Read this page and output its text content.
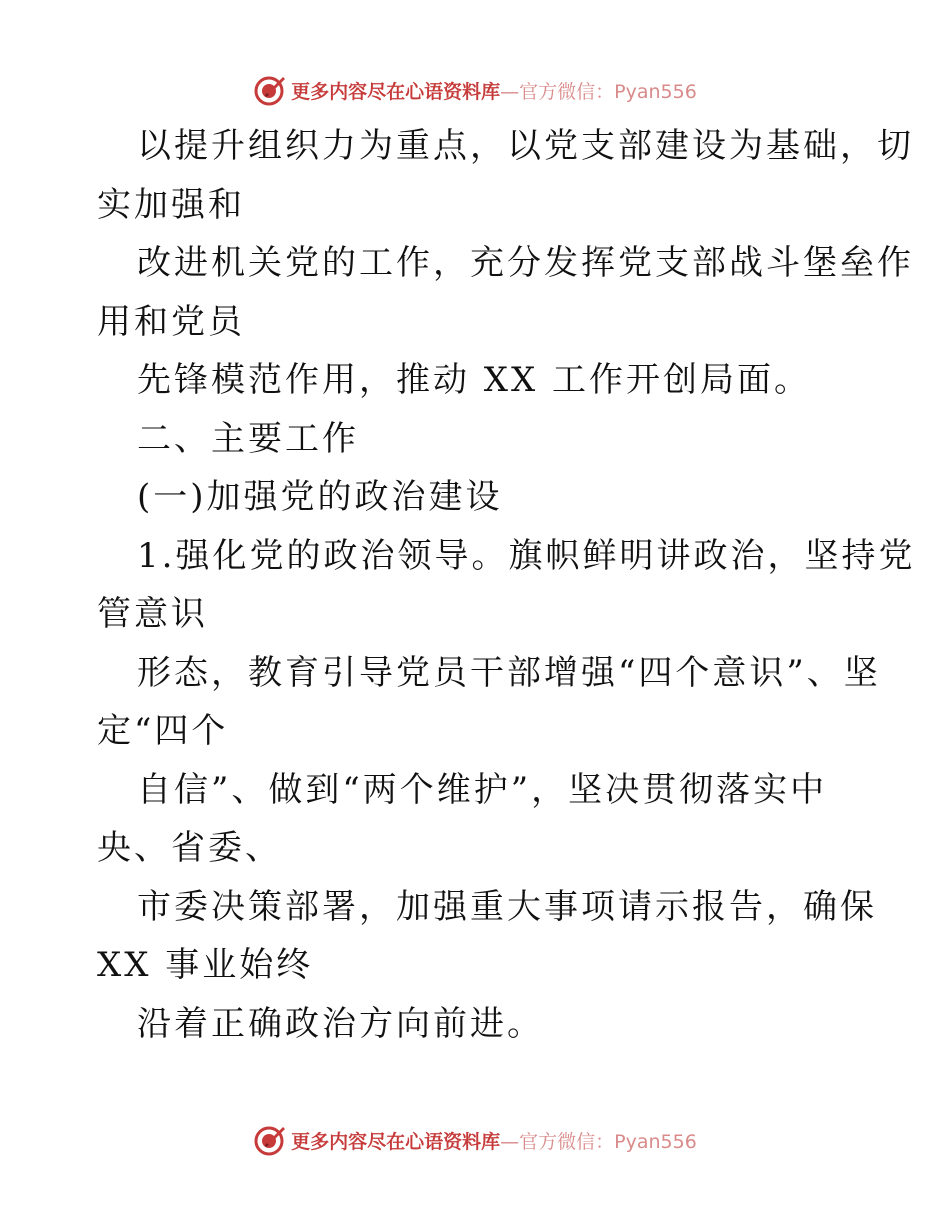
更多内容尽在心语资料库 —官方微信：Pyan556
以提升组织力为重点，以党支部建设为基础，切
实加强和
改进机关党的工作，充分发挥党支部战斗堡垒作
用和党员
先锋模范作用，推动 XX 工作开创局面。
二、主要工作
(一)加强党的政治建设
1.强化党的政治领导。旗帜鲜明讲政治，坚持党
管意识
形态，教育引导党员干部增强“四个意识”、坚
定“四个
自信”、做到“两个维护”，坚决贯彻落实中
央、省委、
市委决策部署，加强重大事项请示报告，确保
XX 事业始终
沿着正确政治方向前进。
更多内容尽在心语资料库 —官方微信：Pyan556
